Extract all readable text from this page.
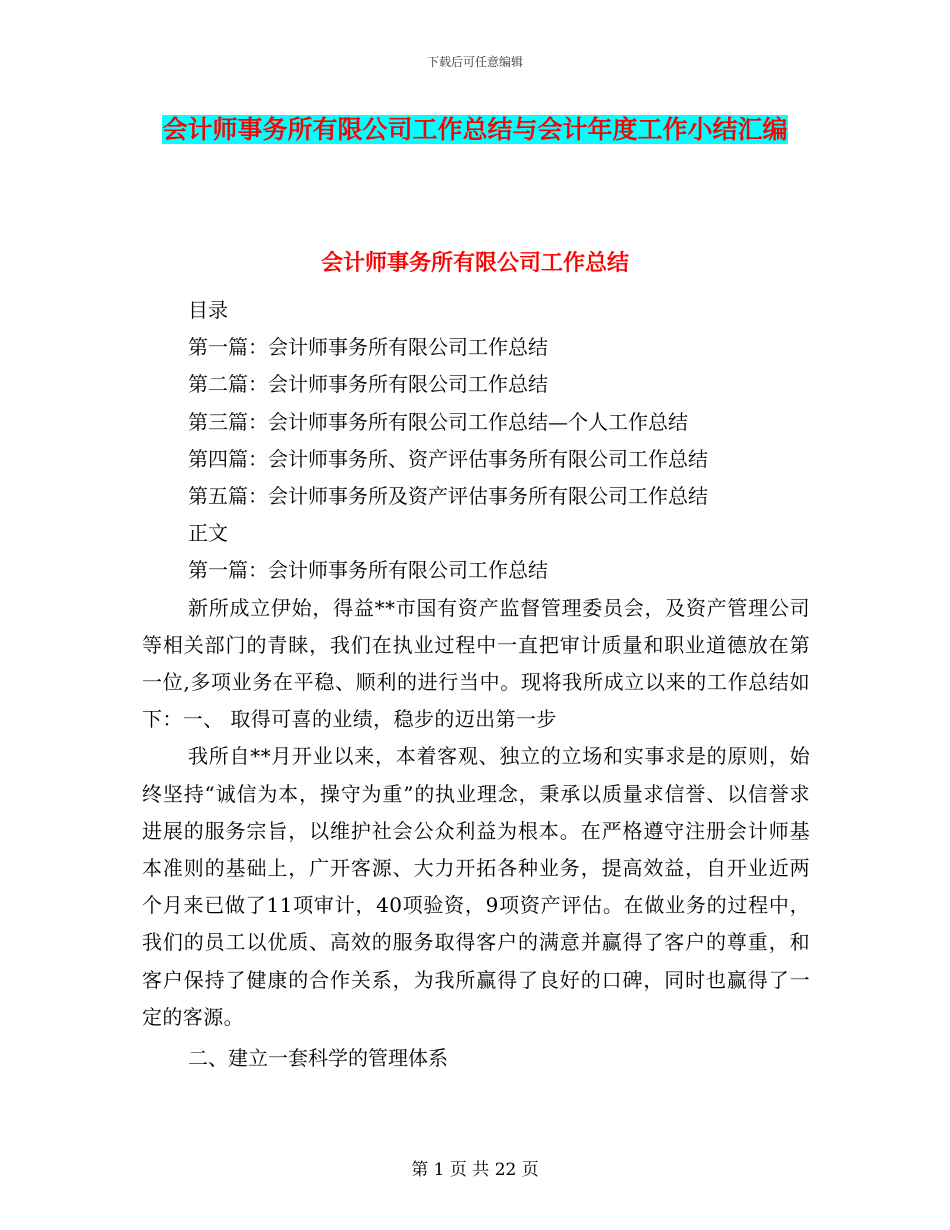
下载后可任意编辑
会计师事务所有限公司工作总结与会计年度工作小结汇编
会计师事务所有限公司工作总结
目录
第一篇：会计师事务所有限公司工作总结
第二篇：会计师事务所有限公司工作总结
第三篇：会计师事务所有限公司工作总结—个人工作总结
第四篇：会计师事务所、资产评估事务所有限公司工作总结
第五篇：会计师事务所及资产评估事务所有限公司工作总结
正文
第一篇：会计师事务所有限公司工作总结
新所成立伊始，得益**市国有资产监督管理委员会，及资产管理公司等相关部门的青睐，我们在执业过程中一直把审计质量和职业道德放在第一位,多项业务在平稳、顺利的进行当中。现将我所成立以来的工作总结如下：一、 取得可喜的业绩，稳步的迈出第一步
我所自**月开业以来，本着客观、独立的立场和实事求是的原则，始终坚持“诚信为本，操守为重”的执业理念，秉承以质量求信誉、以信誉求进展的服务宗旨，以维护社会公众利益为根本。在严格遵守注册会计师基本准则的基础上，广开客源、大力开拓各种业务，提高效益，自开业近两个月来已做了11项审计，40项验资，9项资产评估。在做业务的过程中，我们的员工以优质、高效的服务取得客户的满意并赢得了客户的尊重，和客户保持了健康的合作关系，为我所赢得了良好的口碑，同时也赢得了一定的客源。
二、建立一套科学的管理体系
第 1 页 共 22 页
